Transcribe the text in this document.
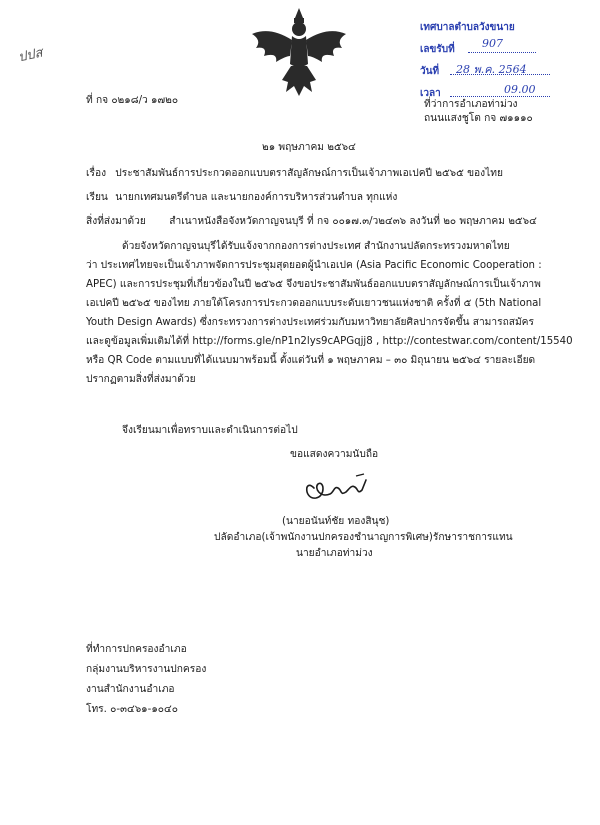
ปปส
เทศบาลตำบลวังขนาย
เลขรับที่ 907
วันที่ 28 พ.ค. 2564
เวลา	09.00
ที่ กจ ๐๒๑๘/ว ๑๗๒๐	ที่ว่าการอำเภอท่าม่วง
ถนนแสงชูโต กจ ๗๑๑๑๐
๒๑ พฤษภาคม ๒๕๖๔
เรื่อง ประชาสัมพันธ์การประกวดออกแบบตราสัญลักษณ์การเป็นเจ้าภาพเอเปคปี ๒๕๖๕ ของไทย
เรียน นายกเทศมนตรีตำบล และนายกองค์การบริหารส่วนตำบล ทุกแห่ง
สิ่งที่ส่งมาด้วย สำเนาหนังสือจังหวัดกาญจนบุรี ที่ กจ ๐๐๑๗.๓/ว๒๔๓๖ ลงวันที่ ๒๐ พฤษภาคม ๒๕๖๔
ด้วยจังหวัดกาญจนบุรีได้รับแจ้งจากกองการต่างประเทศ สำนักงานปลัดกระทรวงมหาดไทย
ว่า ประเทศไทยจะเป็นเจ้าภาพจัดการประชุมสุดยอดผู้นำเอเปค (Asia Pacific Economic Cooperation :
APEC) และการประชุมที่เกี่ยวข้องในปี ๒๕๖๕ จึงขอประชาสัมพันธ์ออกแบบตราสัญลักษณ์การเป็นเจ้าภาพ
เอเปคปี ๒๕๖๕ ของไทย ภายใต้โครงการประกวดออกแบบระดับเยาวชนแห่งชาติ ครั้งที่ ๕ (5th National
Youth Design Awards) ซึ่งกระทรวงการต่างประเทศร่วมกับมหาวิทยาลัยศิลปากรจัดขึ้น สามารถสมัคร
และดูข้อมูลเพิ่มเติมได้ที่ http://forms.gle/nP1n2lys9cAPGqjj8 , http://contestwar.com/content/15540
หรือ QR Code ตามแบบที่ได้แนบมาพร้อมนี้ ตั้งแต่วันที่ ๑ พฤษภาคม – ๓๐ มิถุนายน ๒๕๖๔ รายละเอียด
ปรากฏตามสิ่งที่ส่งมาด้วย
จึงเรียนมาเพื่อทราบและดำเนินการต่อไป
ขอแสดงความนับถือ
(นายอนันท์ชัย ทองสินุช)
ปลัดอำเภอ(เจ้าพนักงานปกครองชำนาญการพิเศษ)รักษาราชการแทน
นายอำเภอท่าม่วง
ที่ทำการปกครองอำเภอ
กลุ่มงานบริหารงานปกครอง
งานสำนักงานอำเภอ
โทร. ๐-๓๔๖๑-๑๐๔๐
